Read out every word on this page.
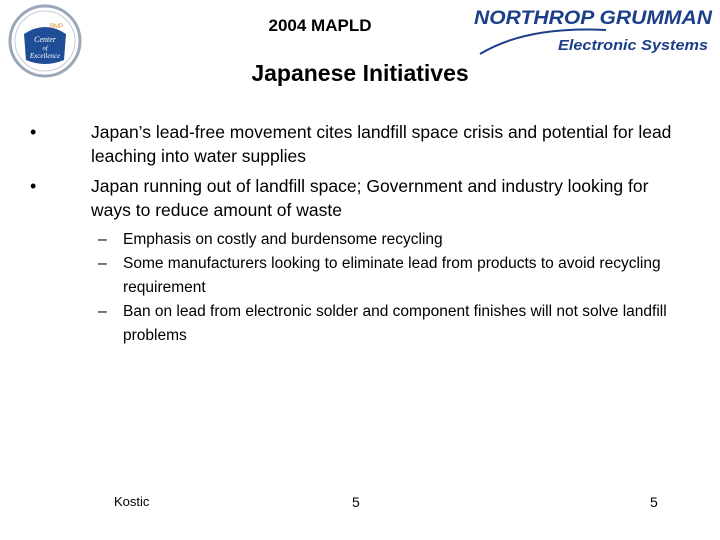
BMP
Center
of
Excellence
2004 MAPLD	NORTHROP GRUMMAN
Electronic Systems
Japanese Initiatives
•	Japan’s lead-free movement cites landfill space crisis and potential for lead leaching into water supplies
•	Japan running out of landfill space; Government and industry looking for ways to reduce amount of waste
– Emphasis on costly and burdensome recycling
– Some manufacturers looking to eliminate lead from products to avoid recycling requirement
– Ban on lead from electronic solder and component finishes will not solve landfill problems
Kostic	5	5
